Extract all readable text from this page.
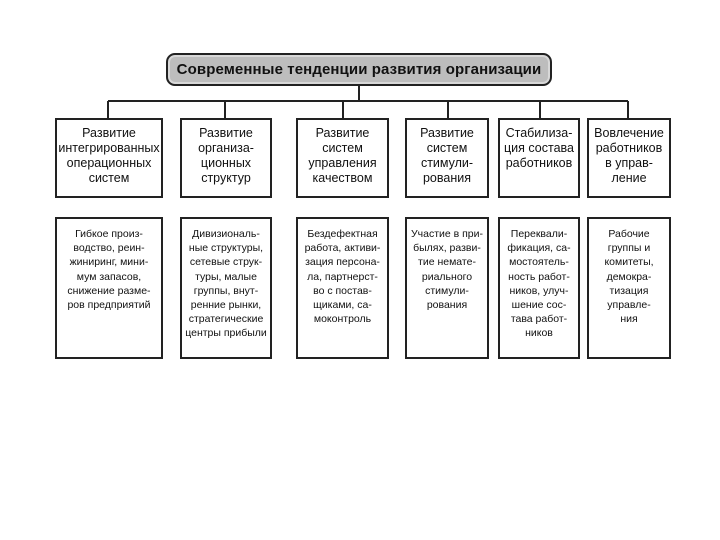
Современные тенденции развития организации
Развитие
интегрированных
операционных
систем
Развитие
организа-
ционных
структур
Развитие
систем
управления
качеством
Развитие
систем
стимули-
рования
Стабилиза-
ция состава
работников
Вовлечение
работников
в управ-
ление
Гибкое произ-
водство, реин-
жиниринг, мини-
мум запасов,
снижение разме-
ров предприятий
Дивизиональ-
ные структуры,
сетевые струк-
туры, малые
группы, внут-
ренние рынки,
стратегические
центры прибыли
Бездефектная
работа, активи-
зация персона-
ла, партнерст-
во с постав-
щиками, са-
моконтроль
Участие в при-
былях, разви-
тие немате-
риального
стимули-
рования
Переквали-
фикация, са-
мостоятель-
ность работ-
ников, улуч-
шение сос-
тава работ-
ников
Рабочие
группы и
комитеты,
демокра-
тизация
управле-
ния
